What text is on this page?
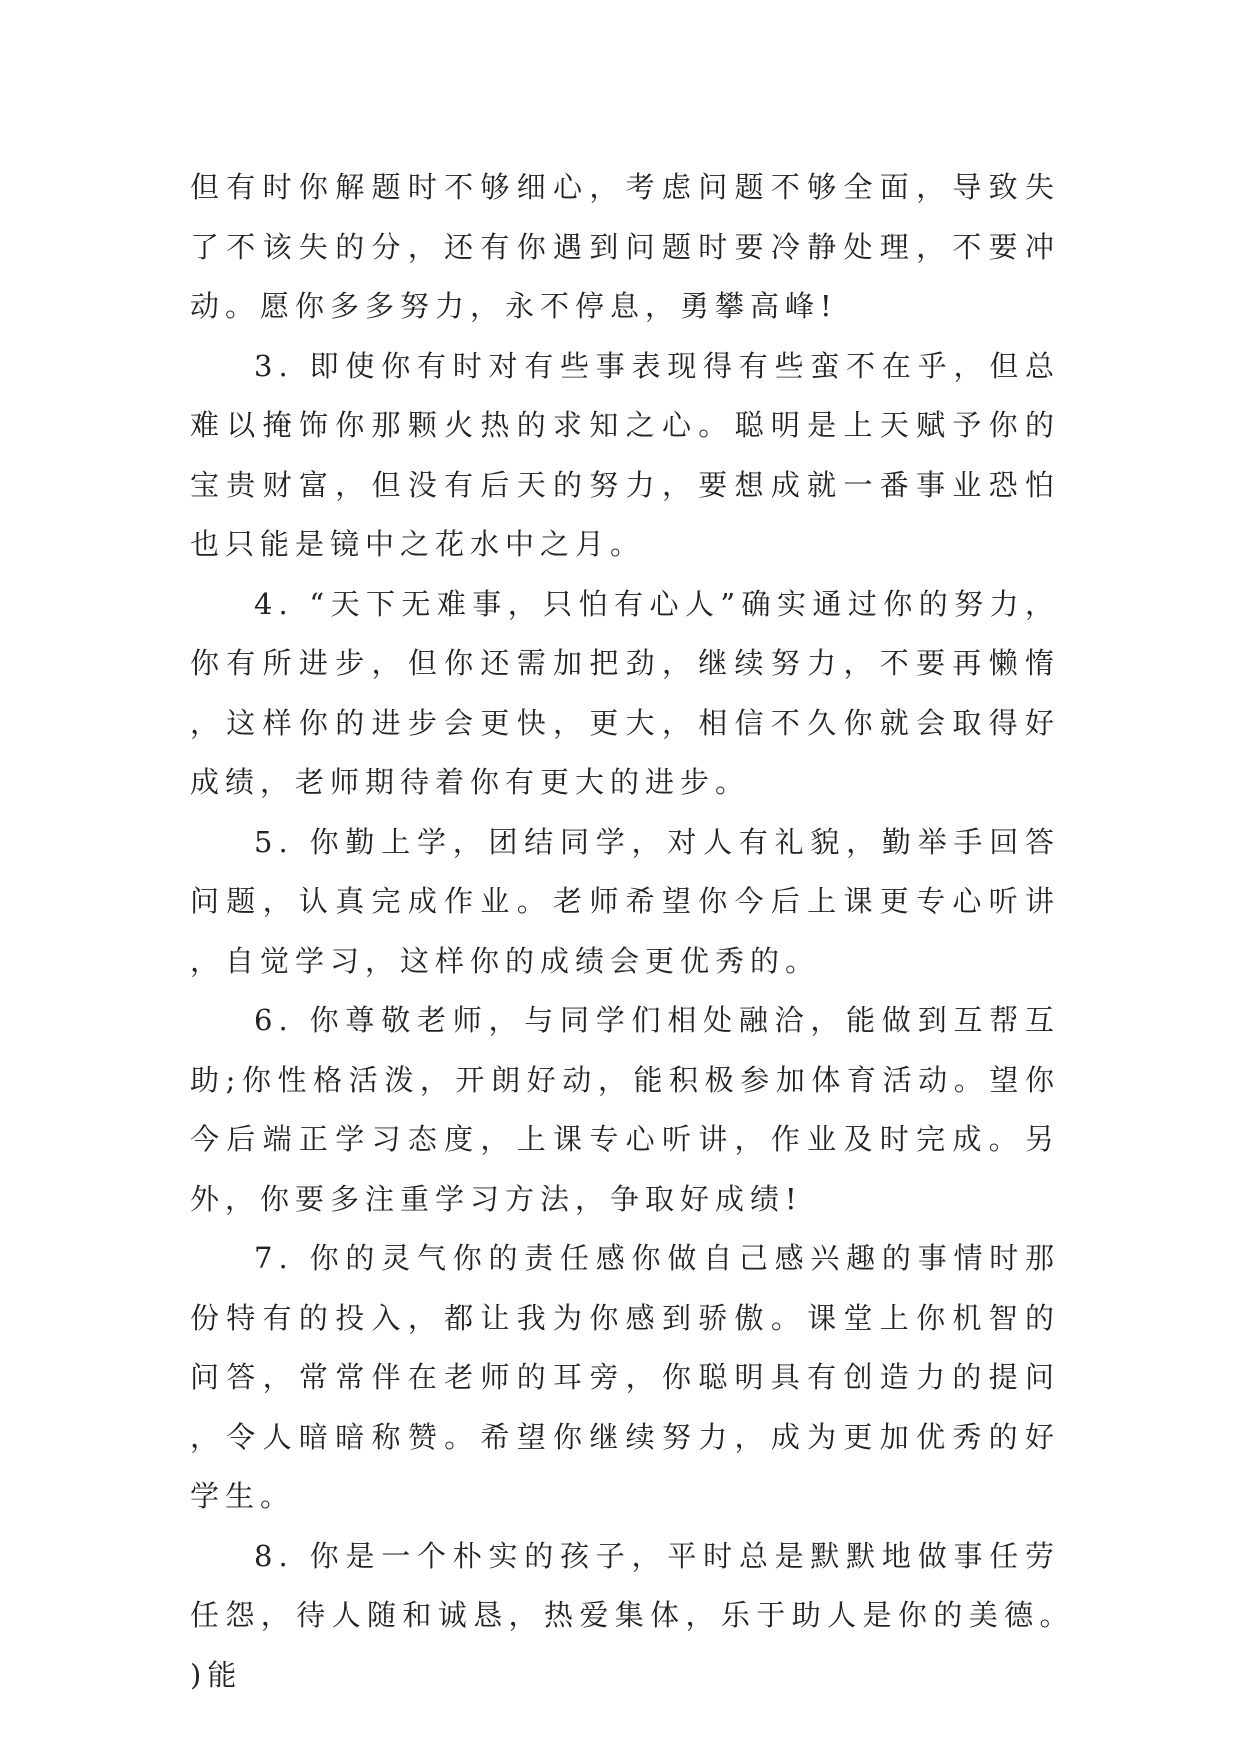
但有时你解题时不够细心，考虑问题不够全面，导致失了不该失的分，还有你遇到问题时要冷静处理，不要冲动。愿你多多努力，永不停息，勇攀高峰!

3. 即使你有时对有些事表现得有些蛮不在乎，但总难以掩饰你那颗火热的求知之心。聪明是上天赋予你的宝贵财富，但没有后天的努力，要想成就一番事业恐怕也只能是镜中之花水中之月。

4. “天下无难事，只怕有心人”确实通过你的努力，你有所进步，但你还需加把劲，继续努力，不要再懒惰，这样你的进步会更快，更大，相信不久你就会取得好成绩，老师期待着你有更大的进步。

5. 你勤上学，团结同学，对人有礼貌，勤举手回答问题，认真完成作业。老师希望你今后上课更专心听讲，自觉学习，这样你的成绩会更优秀的。

6. 你尊敬老师，与同学们相处融洽，能做到互帮互助;你性格活泼，开朗好动，能积极参加体育活动。望你今后端正学习态度，上课专心听讲，作业及时完成。另外，你要多注重学习方法，争取好成绩!

7. 你的灵气你的责任感你做自己感兴趣的事情时那份特有的投入，都让我为你感到骄傲。课堂上你机智的问答，常常伴在老师的耳旁，你聪明具有创造力的提问，令人暗暗称赞。希望你继续努力，成为更加优秀的好学生。

8. 你是一个朴实的孩子，平时总是默默地做事任劳任怨，待人随和诚恳，热爱集体，乐于助人是你的美德。)能
